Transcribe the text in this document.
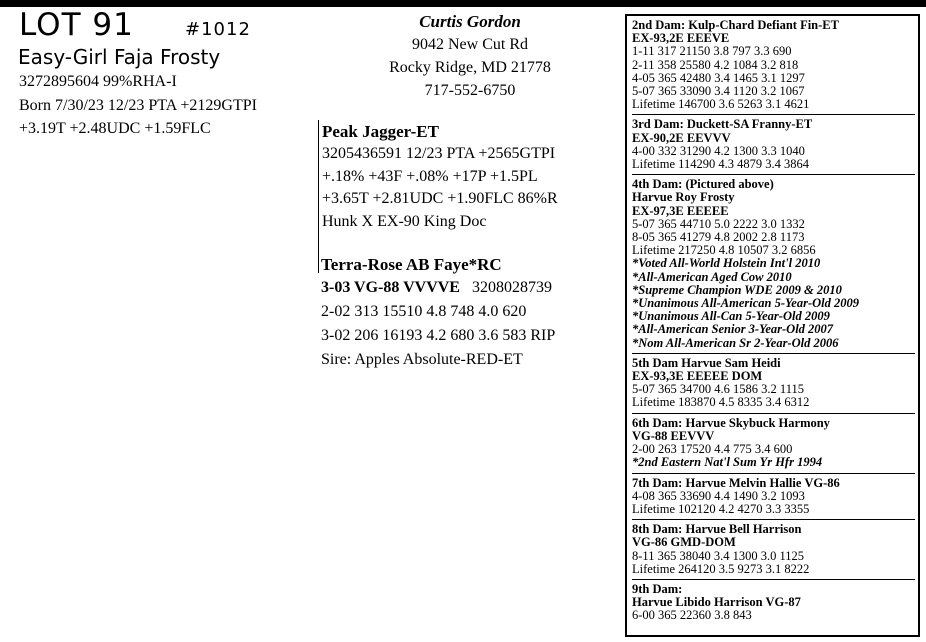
LOT 91	#1012
Easy-Girl Faja Frosty
3272895604 99%RHA-I
Born 7/30/23 12/23 PTA +2129GTPI
+3.19T +2.48UDC +1.59FLC
Curtis Gordon
9042 New Cut Rd
Rocky Ridge, MD 21778
717-552-6750
Peak Jagger-ET
3205436591 12/23 PTA +2565GTPI
+.18% +43F +.08% +17P +1.5PL
+3.65T +2.81UDC +1.90FLC 86%R
Hunk X EX-90 King Doc
Terra-Rose AB Faye*RC
3-03 VG-88 VVVVE 3208028739
2-02 313 15510 4.8 748 4.0 620
3-02 206 16193 4.2 680 3.6 583 RIP
Sire: Apples Absolute-RED-ET
2nd Dam: Kulp-Chard Defiant Fin-ET
EX-93,2E EEEVE
1-11 317 21150 3.8 797 3.3 690
2-11 358 25580 4.2 1084 3.2 818
4-05 365 42480 3.4 1465 3.1 1297
5-07 365 33090 3.4 1120 3.2 1067
Lifetime 146700 3.6 5263 3.1 4621
3rd Dam: Duckett-SA Franny-ET
EX-90,2E EEVVV
4-00 332 31290 4.2 1300 3.3 1040
Lifetime 114290 4.3 4879 3.4 3864
4th Dam: (Pictured above)
Harvue Roy Frosty
EX-97,3E EEEEE
5-07 365 44710 5.0 2222 3.0 1332
8-05 365 41279 4.8 2002 2.8 1173
Lifetime 217250 4.8 10507 3.2 6856
*Voted All-World Holstein Int'l 2010
*All-American Aged Cow 2010
*Supreme Champion WDE 2009 & 2010
*Unanimous All-American 5-Year-Old 2009
*Unanimous All-Can 5-Year-Old 2009
*All-American Senior 3-Year-Old 2007
*Nom All-American Sr 2-Year-Old 2006
5th Dam Harvue Sam Heidi
EX-93,3E EEEEE DOM
5-07 365 34700 4.6 1586 3.2 1115
Lifetime 183870 4.5 8335 3.4 6312
6th Dam: Harvue Skybuck Harmony
VG-88 EEVVV
2-00 263 17520 4.4 775 3.4 600
*2nd Eastern Nat'l Sum Yr Hfr 1994
7th Dam: Harvue Melvin Hallie VG-86
4-08 365 33690 4.4 1490 3.2 1093
Lifetime 102120 4.2 4270 3.3 3355
8th Dam: Harvue Bell Harrison
VG-86 GMD-DOM
8-11 365 38040 3.4 1300 3.0 1125
Lifetime 264120 3.5 9273 3.1 8222
9th Dam:
Harvue Libido Harrison VG-87
6-00 365 22360 3.8 843
